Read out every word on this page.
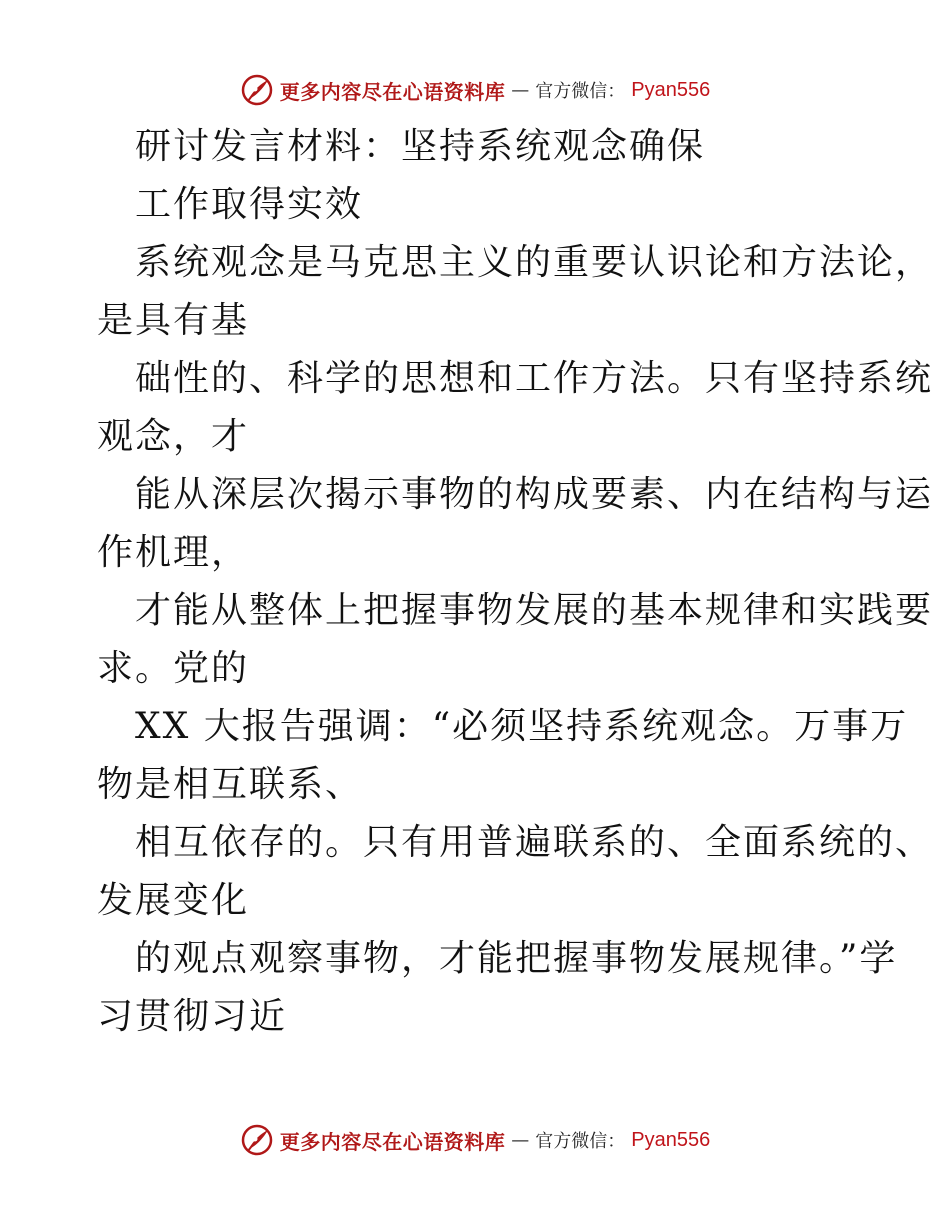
更多内容尽在心语资料库 — 官方微信： Pyan556
研讨发言材料：坚持系统观念确保
工作取得实效
系统观念是马克思主义的重要认识论和方法论，
是具有基
础性的、科学的思想和工作方法。只有坚持系统
观念，才
能从深层次揭示事物的构成要素、内在结构与运
作机理，
才能从整体上把握事物发展的基本规律和实践要
求。党的
XX 大报告强调：“必须坚持系统观念。万事万
物是相互联系、
相互依存的。只有用普遍联系的、全面系统的、
发展变化
的观点观察事物，才能把握事物发展规律。”学
习贯彻习近
更多内容尽在心语资料库 — 官方微信： Pyan556
